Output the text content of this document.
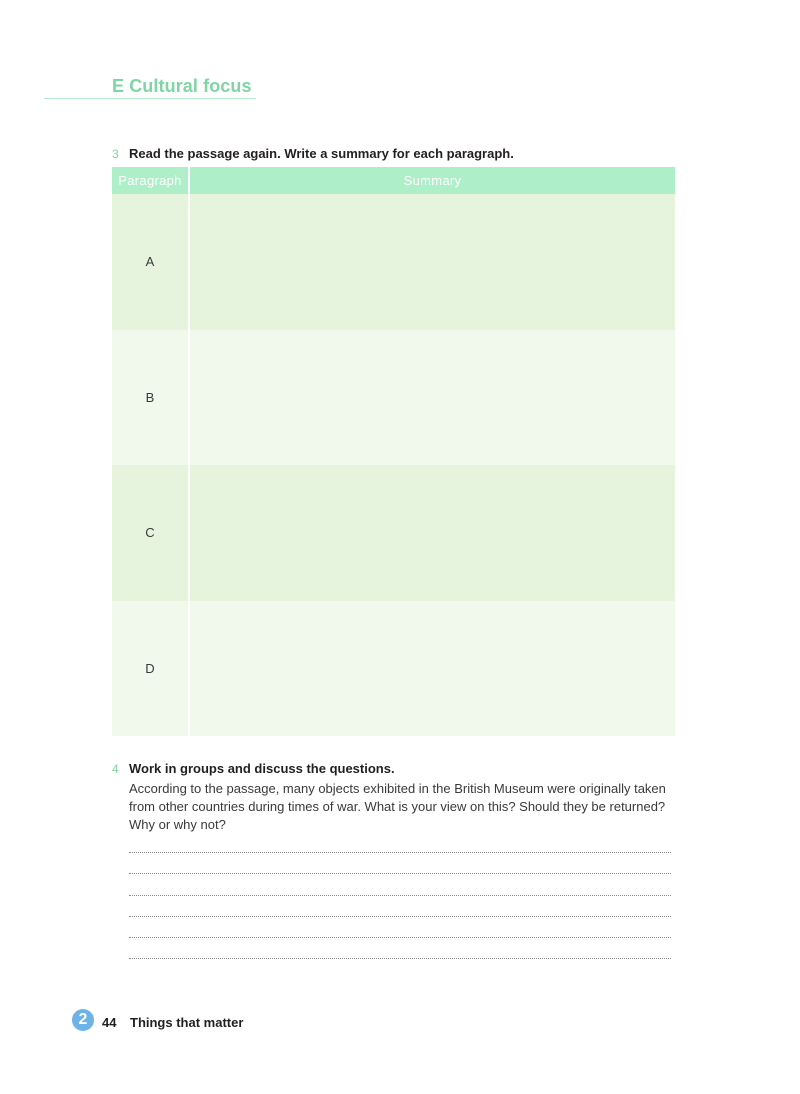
E Cultural focus
3 Read the passage again. Write a summary for each paragraph.
Paragraph	Summary
A	
B	
C	
D	
4 Work in groups and discuss the questions.
According to the passage, many objects exhibited in the British Museum were originally taken from other countries during times of war. What is your view on this? Should they be returned? Why or why not?
2	44 Things that matter
